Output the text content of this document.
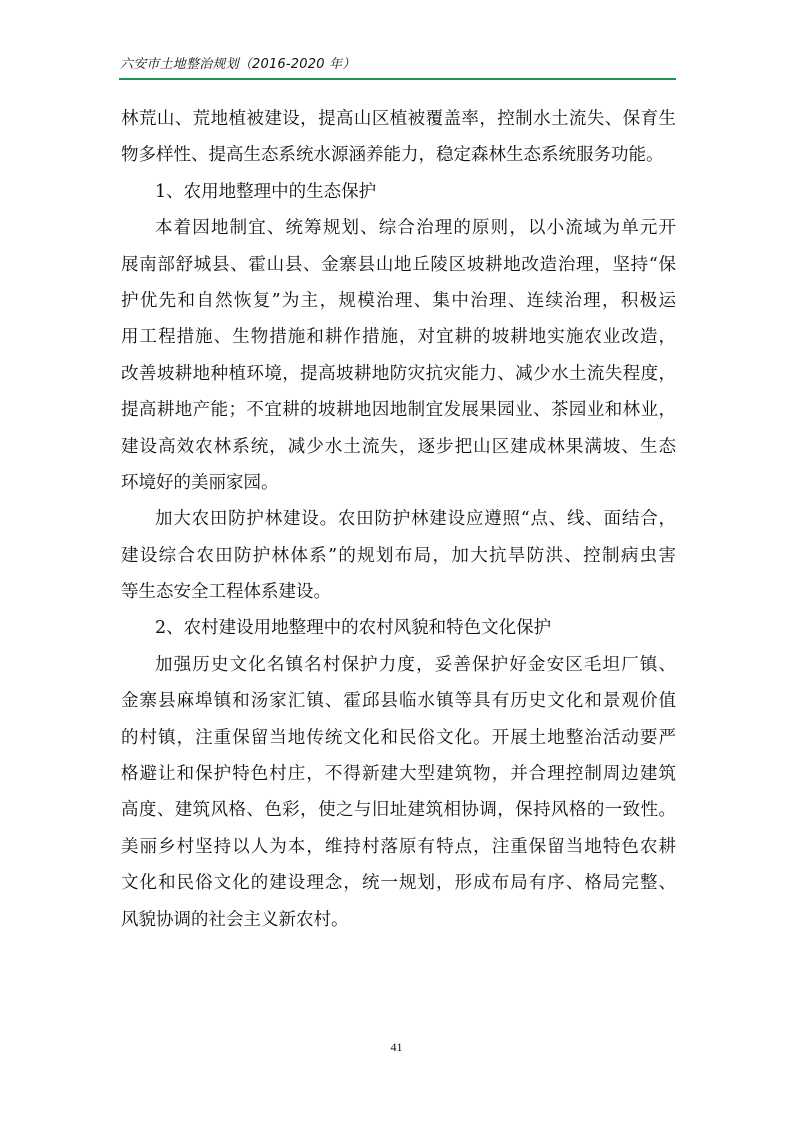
六安市土地整治规划（2016-2020 年）
林荒山、荒地植被建设，提高山区植被覆盖率，控制水土流失、保育生
物多样性、提高生态系统水源涵养能力，稳定森林生态系统服务功能。
1、农用地整理中的生态保护
本着因地制宜、统筹规划、综合治理的原则，以小流域为单元开
展南部舒城县、霍山县、金寨县山地丘陵区坡耕地改造治理，坚持“保
护优先和自然恢复”为主，规模治理、集中治理、连续治理，积极运
用工程措施、生物措施和耕作措施，对宜耕的坡耕地实施农业改造，
改善坡耕地种植环境，提高坡耕地防灾抗灾能力、减少水土流失程度，
提高耕地产能；不宜耕的坡耕地因地制宜发展果园业、茶园业和林业，
建设高效农林系统，减少水土流失，逐步把山区建成林果满坡、生态
环境好的美丽家园。
加大农田防护林建设。农田防护林建设应遵照“点、线、面结合，
建设综合农田防护林体系”的规划布局，加大抗旱防洪、控制病虫害
等生态安全工程体系建设。
2、农村建设用地整理中的农村风貌和特色文化保护
加强历史文化名镇名村保护力度，妥善保护好金安区毛坦厂镇、
金寨县麻埠镇和汤家汇镇、霍邱县临水镇等具有历史文化和景观价值
的村镇，注重保留当地传统文化和民俗文化。开展土地整治活动要严
格避让和保护特色村庄，不得新建大型建筑物，并合理控制周边建筑
高度、建筑风格、色彩，使之与旧址建筑相协调，保持风格的一致性。
美丽乡村坚持以人为本，维持村落原有特点，注重保留当地特色农耕
文化和民俗文化的建设理念，统一规划，形成布局有序、格局完整、
风貌协调的社会主义新农村。
41
